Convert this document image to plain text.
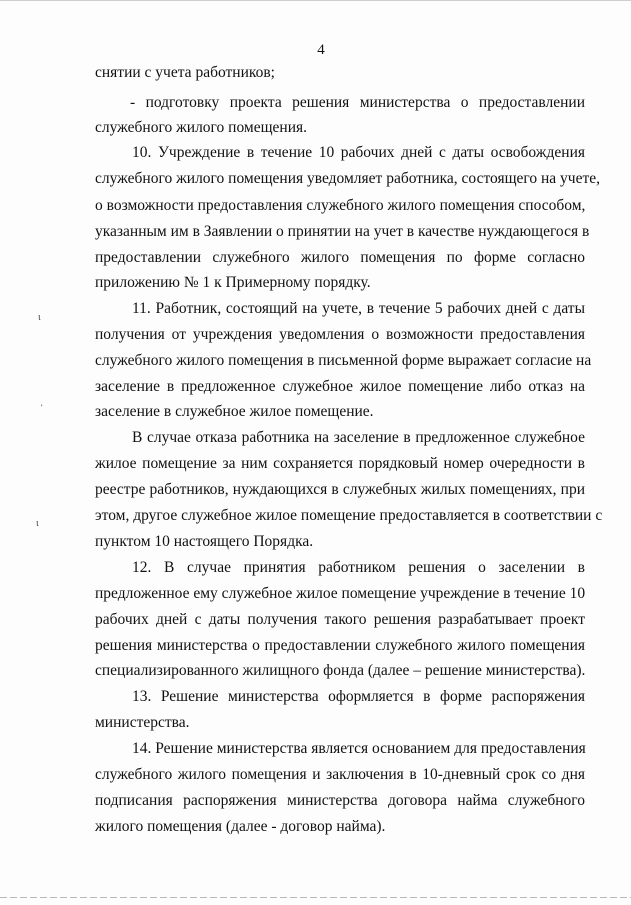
4
снятии с учета работников;
- подготовку проекта решения министерства о предоставлении
служебного жилого помещения.
10. Учреждение в течение 10 рабочих дней с даты освобождения
служебного жилого помещения уведомляет работника, состоящего на учете,
о возможности предоставления служебного жилого помещения способом,
указанным им в Заявлении о принятии на учет в качестве нуждающегося в
предоставлении служебного жилого помещения по форме согласно
приложению № 1 к Примерному порядку.
11. Работник, состоящий на учете, в течение 5 рабочих дней с даты
получения от учреждения уведомления о возможности предоставления
служебного жилого помещения в письменной форме выражает согласие на
заселение в предложенное служебное жилое помещение либо отказ на
заселение в служебное жилое помещение.
В случае отказа работника на заселение в предложенное служебное
жилое помещение за ним сохраняется порядковый номер очередности в
реестре работников, нуждающихся в служебных жилых помещениях, при
этом, другое служебное жилое помещение предоставляется в соответствии с
пунктом 10 настоящего Порядка.
12. В случае принятия работником решения о заселении в
предложенное ему служебное жилое помещение учреждение в течение 10
рабочих дней с даты получения такого решения разрабатывает проект
решения министерства о предоставлении служебного жилого помещения
специализированного жилищного фонда (далее – решение министерства).
13. Решение министерства оформляется в форме распоряжения
министерства.
14. Решение министерства является основанием для предоставления
служебного жилого помещения и заключения в 10-дневный срок со дня
подписания распоряжения министерства договора найма служебного
жилого помещения (далее - договор найма).
ι
᾿
ι
